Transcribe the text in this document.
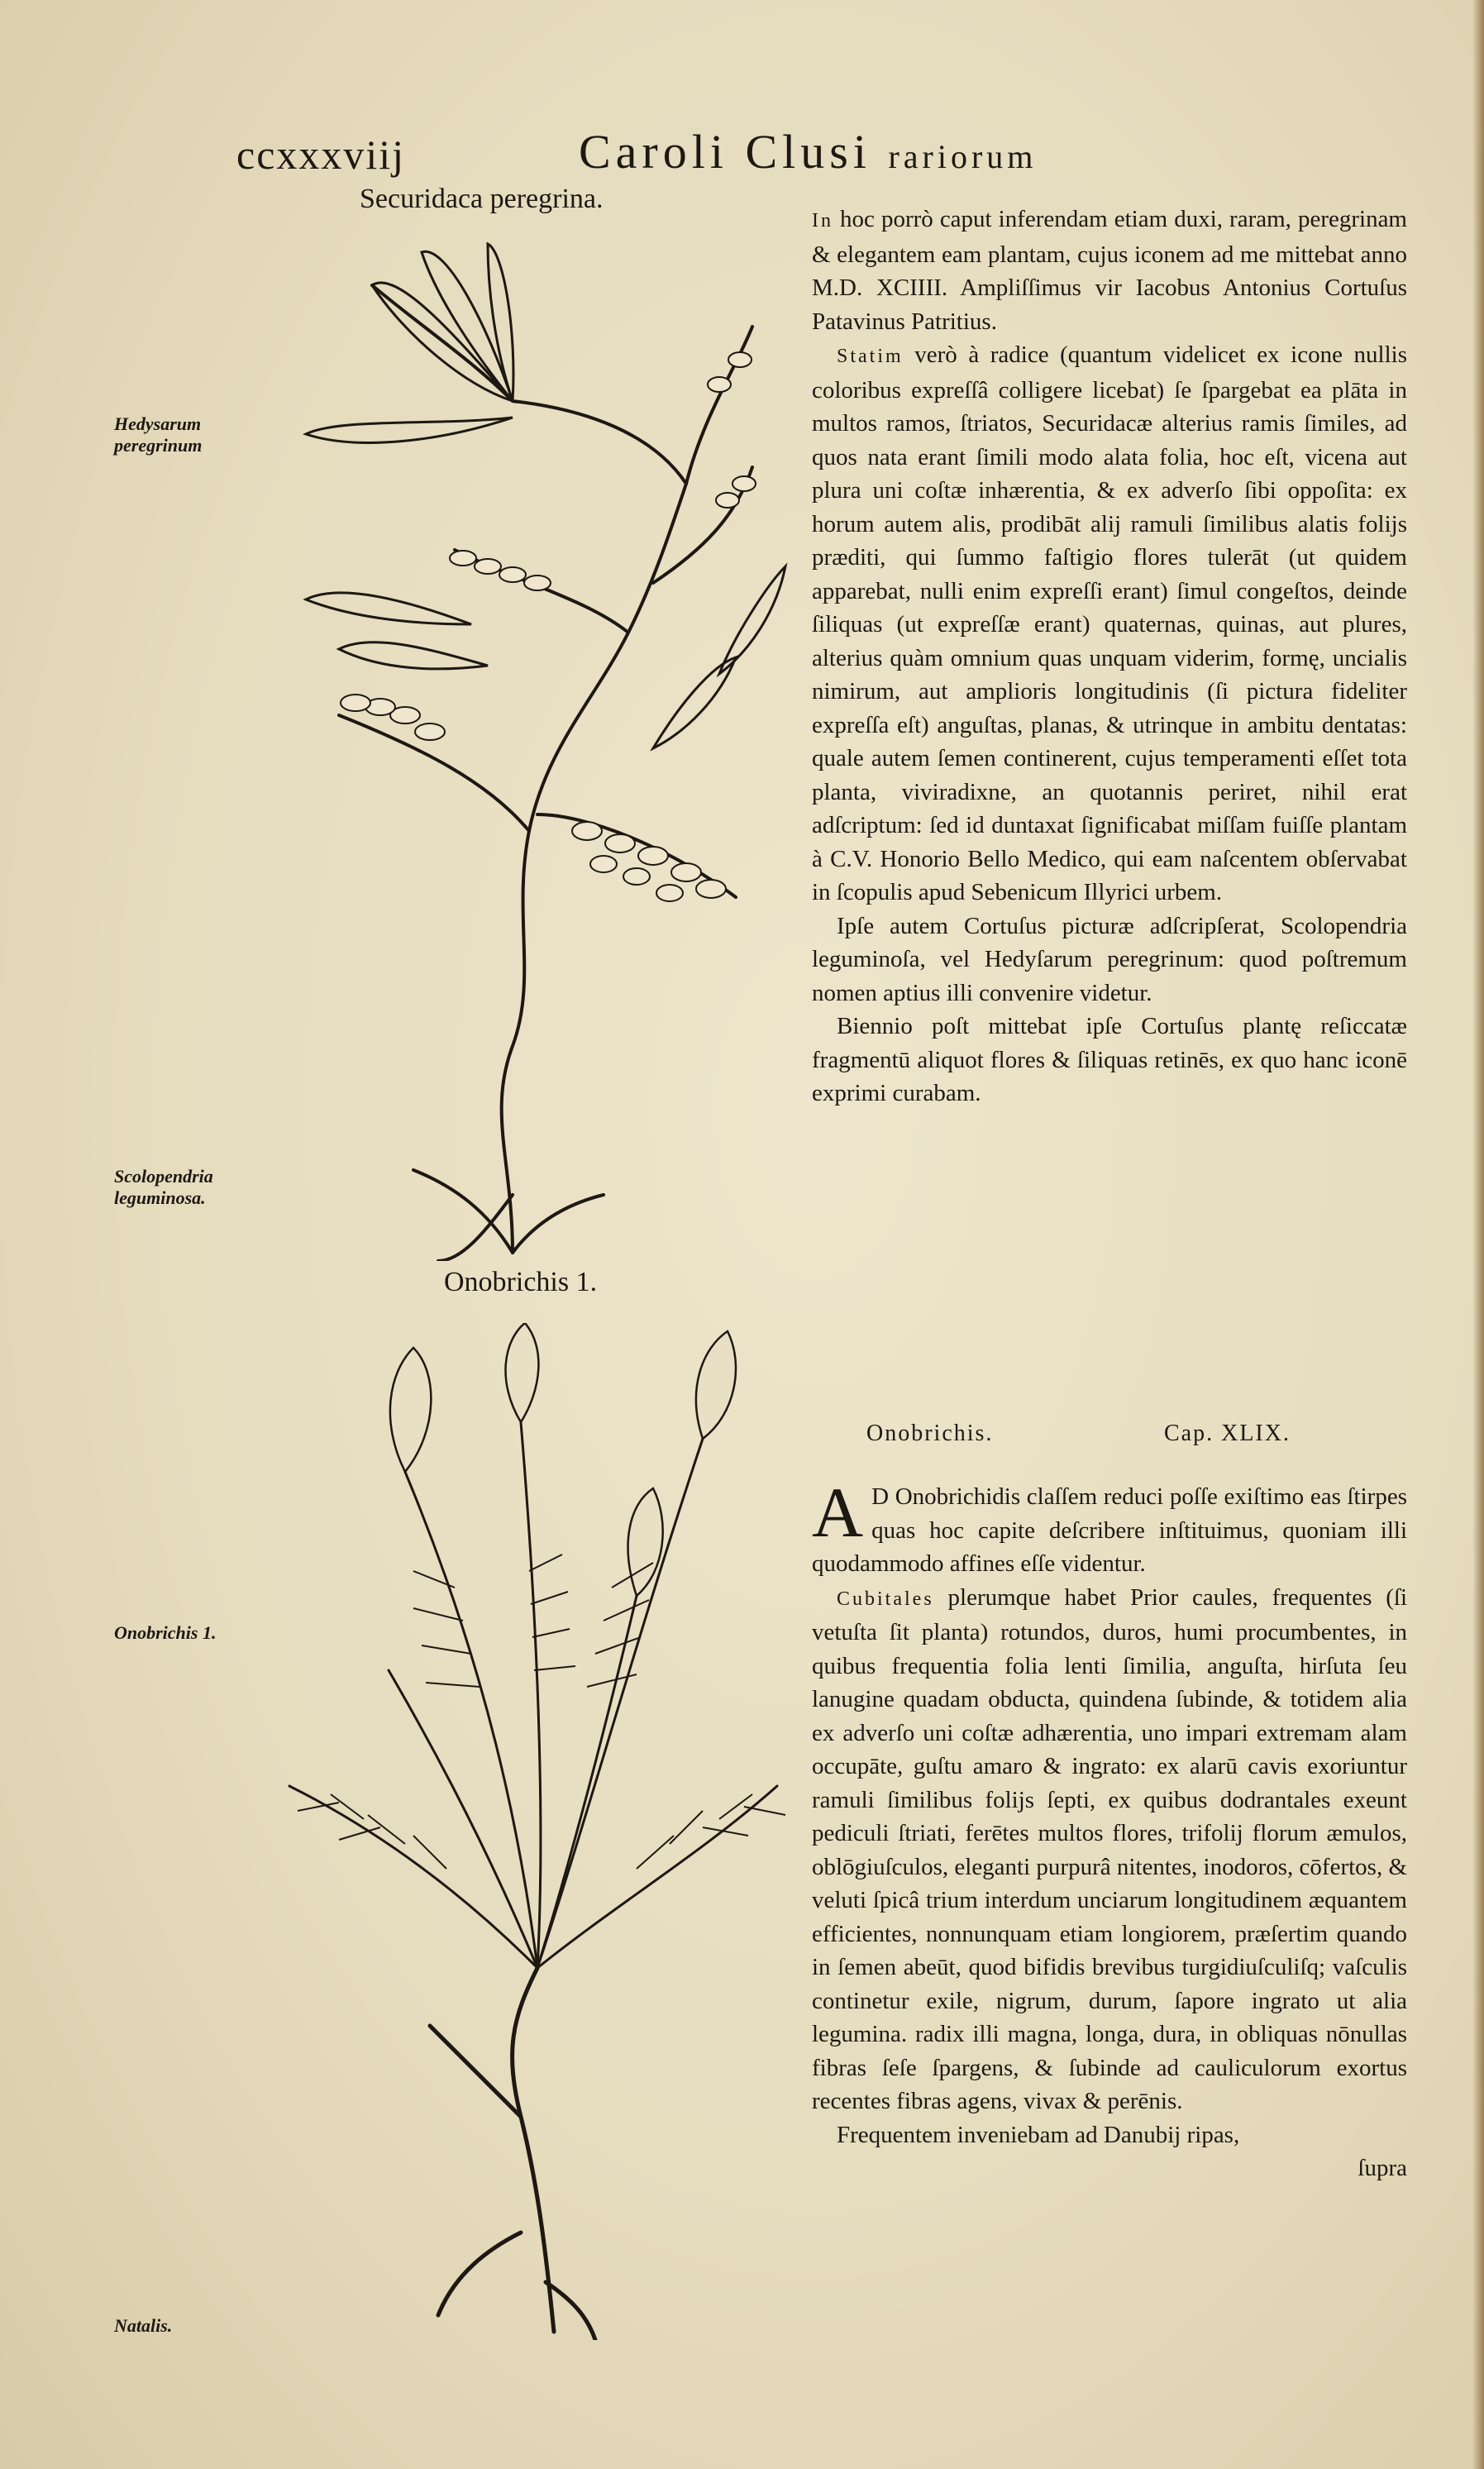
ccxxxviij	Caroli Clusi rariorum
Securidaca peregrina.
Hedysarum peregrinum
Scolopendria leguminosa.
Onobrichis 1.
Onobrichis 1.
Natalis.

In hoc porrò caput inferendam etiam duxi, raram, peregrinam & elegantem eam plantam, cujus iconem ad me mittebat anno M.D. XCIIII. Ampliſſimus vir Iacobus Antonius Cortuſus Patavinus Patritius.

Statim verò à radice (quantum videlicet ex icone nullis coloribus expreſſâ colligere licebat) ſe ſpargebat ea plāta in multos ramos, ſtriatos, Securidacæ alterius ramis ſimiles, ad quos nata erant ſimili modo alata folia, hoc eſt, vicena aut plura uni coſtæ inhærentia, & ex adverſo ſibi oppoſita: ex horum autem alis, prodibāt alij ramuli ſimilibus alatis folijs præditi, qui ſummo faſtigio flores tulerāt (ut quidem apparebat, nulli enim expreſſi erant) ſimul congeſtos, deinde ſiliquas (ut expreſſæ erant) quaternas, quinas, aut plures, alterius quàm omnium quas unquam viderim, formę, uncialis nimirum, aut amplioris longitudinis (ſi pictura fideliter expreſſa eſt) anguſtas, planas, & utrinque in ambitu dentatas: quale autem ſemen continerent, cujus temperamenti eſſet tota planta, viviradixne, an quotannis periret, nihil erat adſcriptum: ſed id duntaxat ſignificabat miſſam fuiſſe plantam à C.V. Honorio Bello Medico, qui eam naſcentem obſervabat in ſcopulis apud Sebenicum Illyrici urbem.

Ipſe autem Cortuſus picturæ adſcripſerat, Scolopendria leguminoſa, vel Hedyſarum peregrinum: quod poſtremum nomen aptius illi convenire videtur.

Biennio poſt mittebat ipſe Cortuſus plantę reſiccatæ fragmentū aliquot flores & ſiliquas retinēs, ex quo hanc iconē exprimi curabam.

Onobrichis.	Cap. XLIX.

A D Onobrichidis claſſem reduci poſſe exiſtimo eas ſtirpes quas hoc capite deſcribere inſtituimus, quoniam illi quodammodo affines eſſe videntur.

Cubitales plerumque habet Prior caules, frequentes (ſi vetuſta ſit planta) rotundos, duros, humi procumbentes, in quibus frequentia folia lenti ſimilia, anguſta, hirſuta ſeu lanugine quadam obducta, quindena ſubinde, & totidem alia ex adverſo uni coſtæ adhærentia, uno impari extremam alam occupāte, guſtu amaro & ingrato: ex alarū cavis exoriuntur ramuli ſimilibus folijs ſepti, ex quibus dodrantales exeunt pediculi ſtriati, ferētes multos flores, trifolij florum æmulos, oblōgiuſculos, eleganti purpurâ nitentes, inodoros, cōfertos, & veluti ſpicâ trium interdum unciarum longitudinem æquantem efficientes, nonnunquam etiam longiorem, præſertim quando in ſemen abeūt, quod bifidis brevibus turgidiuſculiſq; vaſculis continetur exile, nigrum, durum, ſapore ingrato ut alia legumina. radix illi magna, longa, dura, in obliquas nōnullas fibras ſeſe ſpargens, & ſubinde ad cauliculorum exortus recentes fibras agens, vivax & perēnis.

Frequentem inveniebam ad Danubij ripas,

ſupra
